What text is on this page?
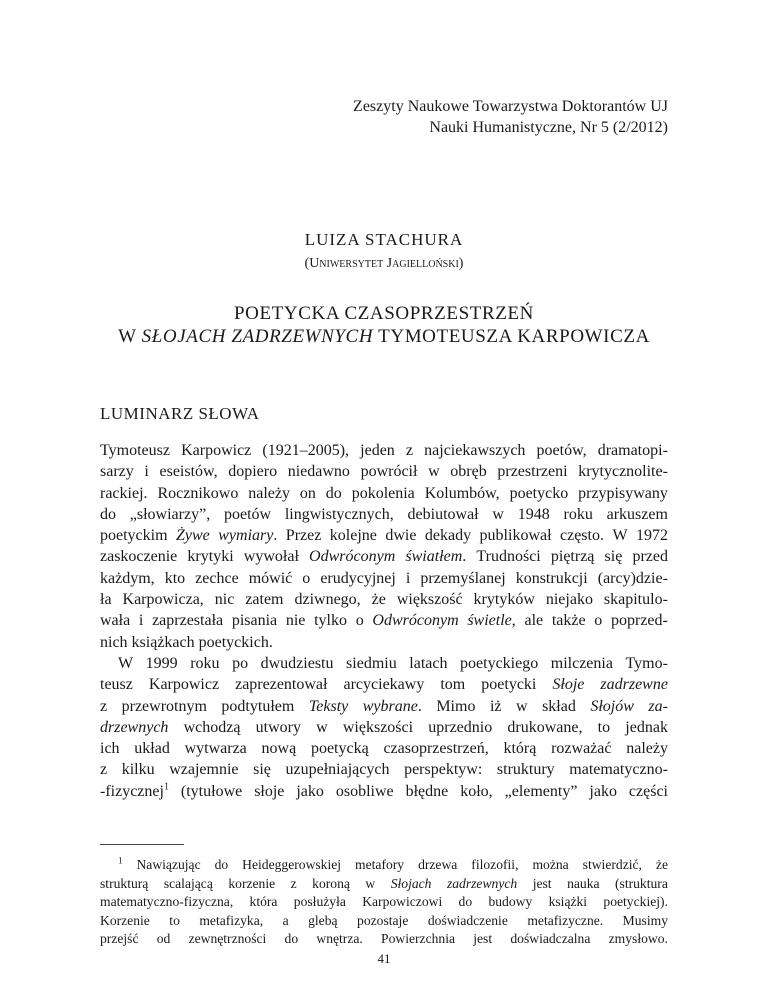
Zeszyty Naukowe Towarzystwa Doktorantów UJ
Nauki Humanistyczne, Nr 5 (2/2012)
LUIZA STACHURA
(Uniwersytet Jagielloński)
POETYCKA CZASOPRZESTRZEŃ
W SŁOJACH ZADRZEWNYCH TYMOTEUSZA KARPOWICZA
LUMINARZ SŁOWA
Tymoteusz Karpowicz (1921–2005), jeden z najciekawszych poetów, dramatopi-
sarzy i eseistów, dopiero niedawno powrócił w obręb przestrzeni krytycznolite-
rackiej. Rocznikowo należy on do pokolenia Kolumbów, poetycko przypisywany
do „słowiarzy”, poetów lingwistycznych, debiutował w 1948 roku arkuszem
poetyckim Żywe wymiary. Przez kolejne dwie dekady publikował często. W 1972
zaskoczenie krytyki wywołał Odwróconym światłem. Trudności piętrzą się przed
każdym, kto zechce mówić o erudycyjnej i przemyślanej konstrukcji (arcy)dzie-
ła Karpowicza, nic zatem dziwnego, że większość krytyków niejako skapitulo-
wała i zaprzestała pisania nie tylko o Odwróconym świetle, ale także o poprzed-
nich książkach poetyckich.
W 1999 roku po dwudziestu siedmiu latach poetyckiego milczenia Tymo-
teusz Karpowicz zaprezentował arcyciekawy tom poetycki Słoje zadrzewne
z przewrotnym podtytułem Teksty wybrane. Mimo iż w skład Słojów za-
drzewnych wchodzą utwory w większości uprzednio drukowane, to jednak
ich układ wytwarza nową poetycką czasoprzestrzeń, którą rozważać należy
z kilku wzajemnie się uzupełniających perspektyw: struktury matematyczno-
-fizycznej$^1$ (tytułowe słoje jako osobliwe błędne koło, „elementy” jako części
$^1$ Nawiązując do Heideggerowskiej metafory drzewa filozofii, można stwierdzić, że
strukturą scalającą korzenie z koroną w Słojach zadrzewnych jest nauka (struktura
matematyczno-fizyczna, która posłużyła Karpowiczowi do budowy książki poetyckiej).
Korzenie to metafizyka, a glebą pozostaje doświadczenie metafizyczne. Musimy
przejść od zewnętrzności do wnętrza. Powierzchnia jest doświadczalna zmysłowo.
41
